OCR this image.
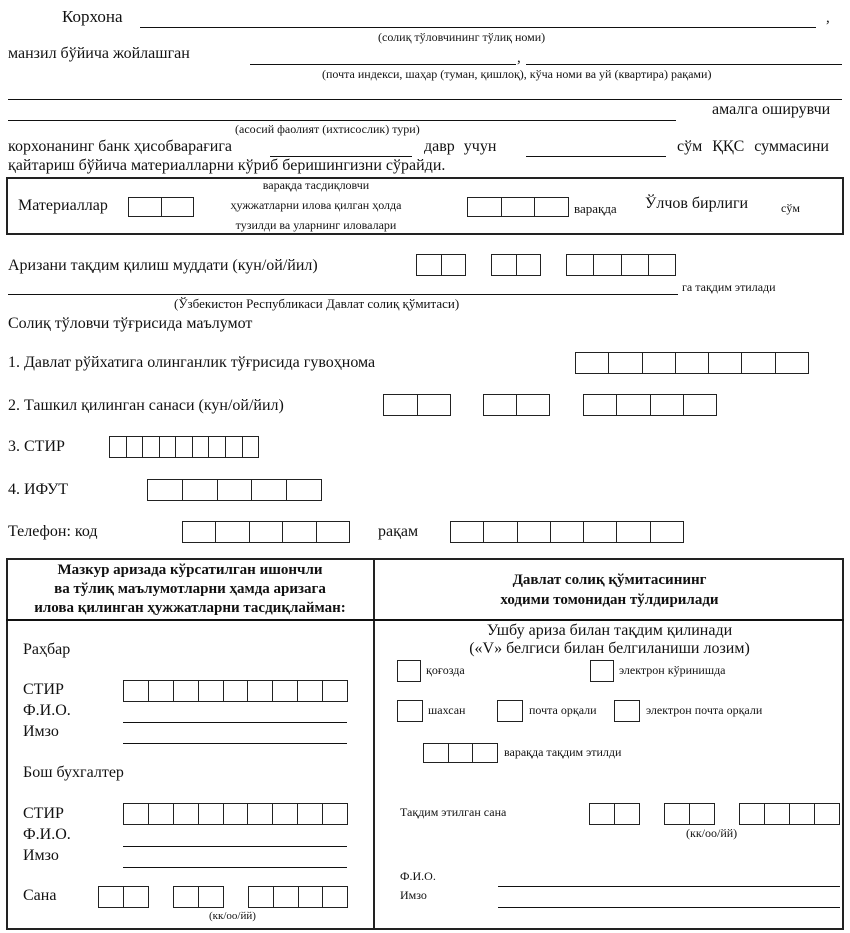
Корхона	,
(солиқ тўловчининг тўлиқ номи)
манзил бўйича жойлашган	,
(почта индекси, шаҳар (туман, қишлоқ), кўча номи ва уй (квартира) рақами)
амалга оширувчи
(асосий фаолият (ихтисослик) тури)
корхонанинг банк ҳисобварағига	давр учун	сўм ҚҚС суммасини
қайтариш бўйича материалларни кўриб беришингизни сўрайди.
Материаллар
варақда тасдиқловчи
ҳужжатларни илова қилган ҳолда
тузилди ва уларнинг иловалари
варақда Ўлчов бирлиги	сўм
Аризани тақдим қилиш муддати (кун/ой/йил)
га тақдим этилади
(Ўзбекистон Республикаси Давлат солиқ қўмитаси)
Солиқ тўловчи тўғрисида маълумот
1. Давлат рўйхатига олинганлик тўғрисида гувоҳнома
2. Ташкил қилинган санаси (кун/ой/йил)
3. СТИР
4. ИФУТ
Телефон: код	рақам
Мазкур аризада кўрсатилган ишончли
ва тўлиқ маълумотларни ҳамда аризага
илова қилинган ҳужжатларни тасдиқлайман:
Давлат солиқ қўмитасининг
ходими томонидан тўлдирилади
Раҳбар
СТИР
Ф.И.О.
Имзо
Бош бухгалтер
СТИР
Ф.И.О.
Имзо
Сана
(кк/оо/йй)
Ушбу ариза билан тақдим қилинади
(«V» белгиси билан белгиланиши лозим)
қоғозда	электрон кўринишда
шахсан	почта орқали	электрон почта орқали
варақда тақдим этилди
Тақдим этилган сана
(кк/оо/йй)
Ф.И.О.
Имзо
